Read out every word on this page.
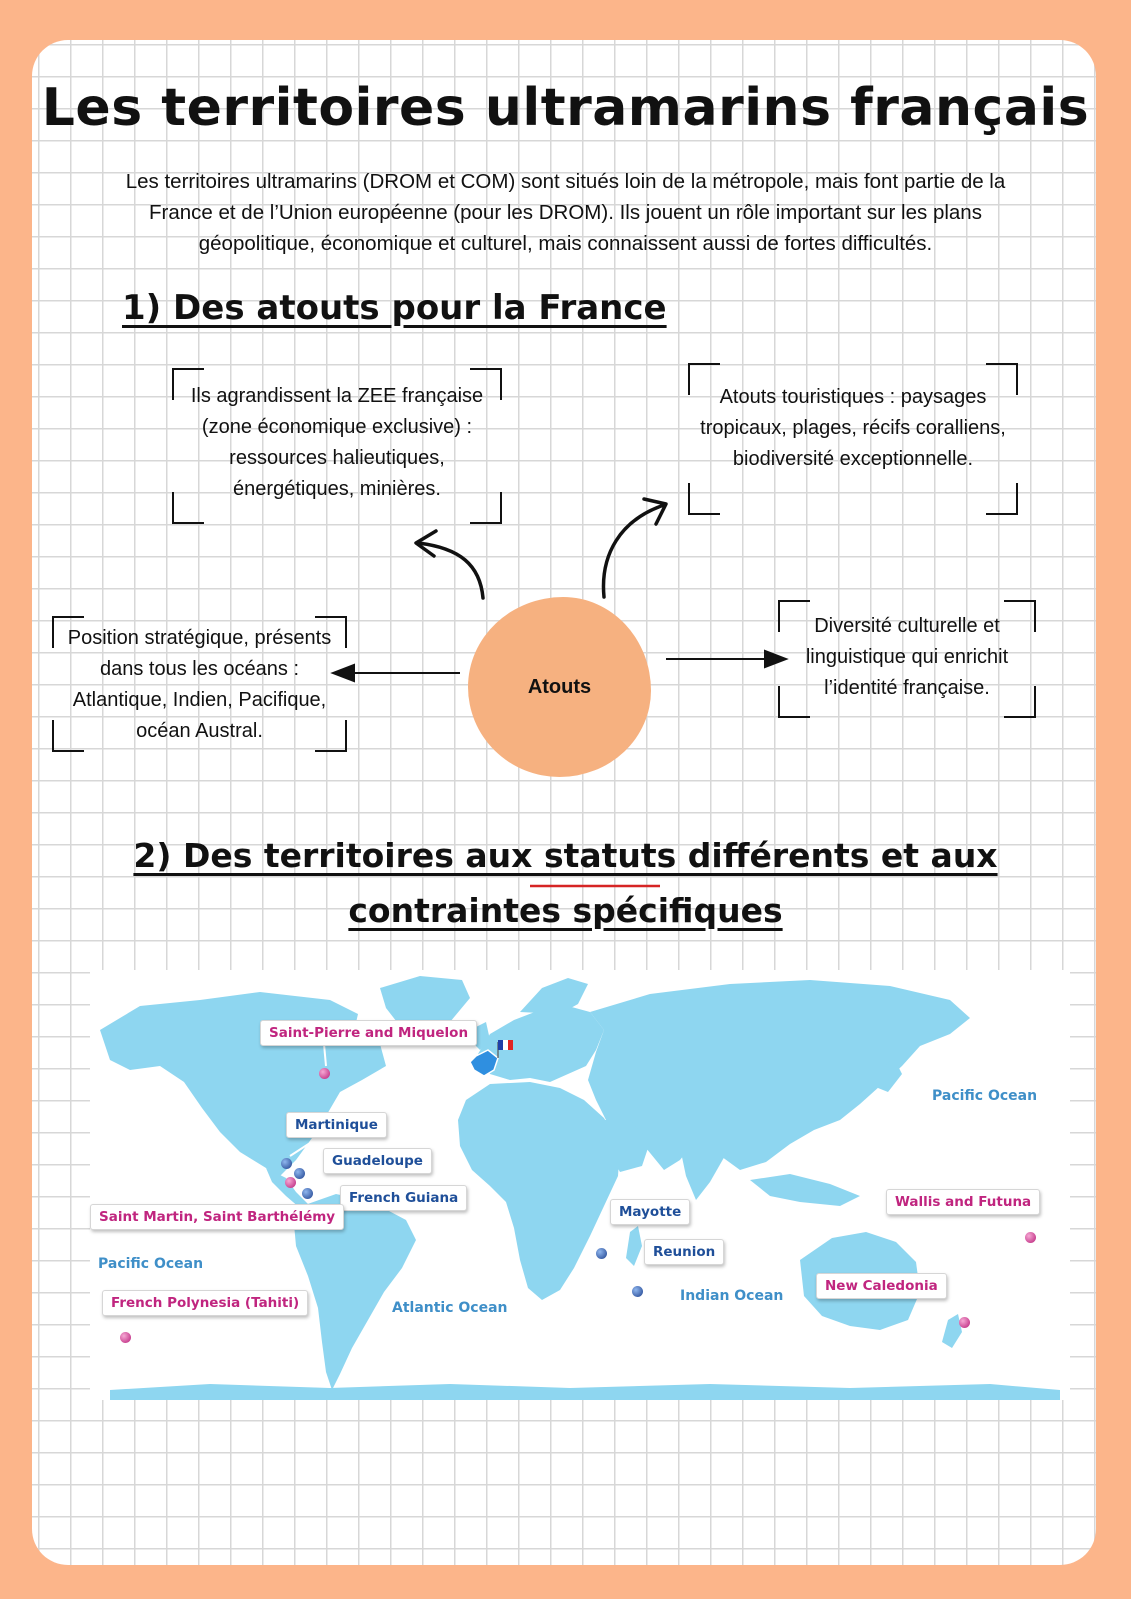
Les territoires ultramarins français
Les territoires ultramarins (DROM et COM) sont situés loin de la métropole, mais font partie de la France et de l’Union européenne (pour les DROM). Ils jouent un rôle important sur les plans géopolitique, économique et culturel, mais connaissent aussi de fortes difficultés.
1) Des atouts pour la France
Ils agrandissent la ZEE française (zone économique exclusive) : ressources halieutiques, énergétiques, minières.
Atouts touristiques : paysages tropicaux, plages, récifs coralliens, biodiversité exceptionnelle.
Position stratégique, présents dans tous les océans : Atlantique, Indien, Pacifique, océan Austral.
Diversité culturelle et linguistique qui enrichit l’identité française.
Atouts
2) Des territoires aux statuts différents et aux contraintes spécifiques
Saint-Pierre and Miquelon
Martinique
Guadeloupe
French Guiana
Saint Martin, Saint Barthélémy
French Polynesia (Tahiti)
Mayotte
Reunion
Wallis and Futuna
New Caledonia
Pacific Ocean
Pacific Ocean
Atlantic Ocean
Indian Ocean
